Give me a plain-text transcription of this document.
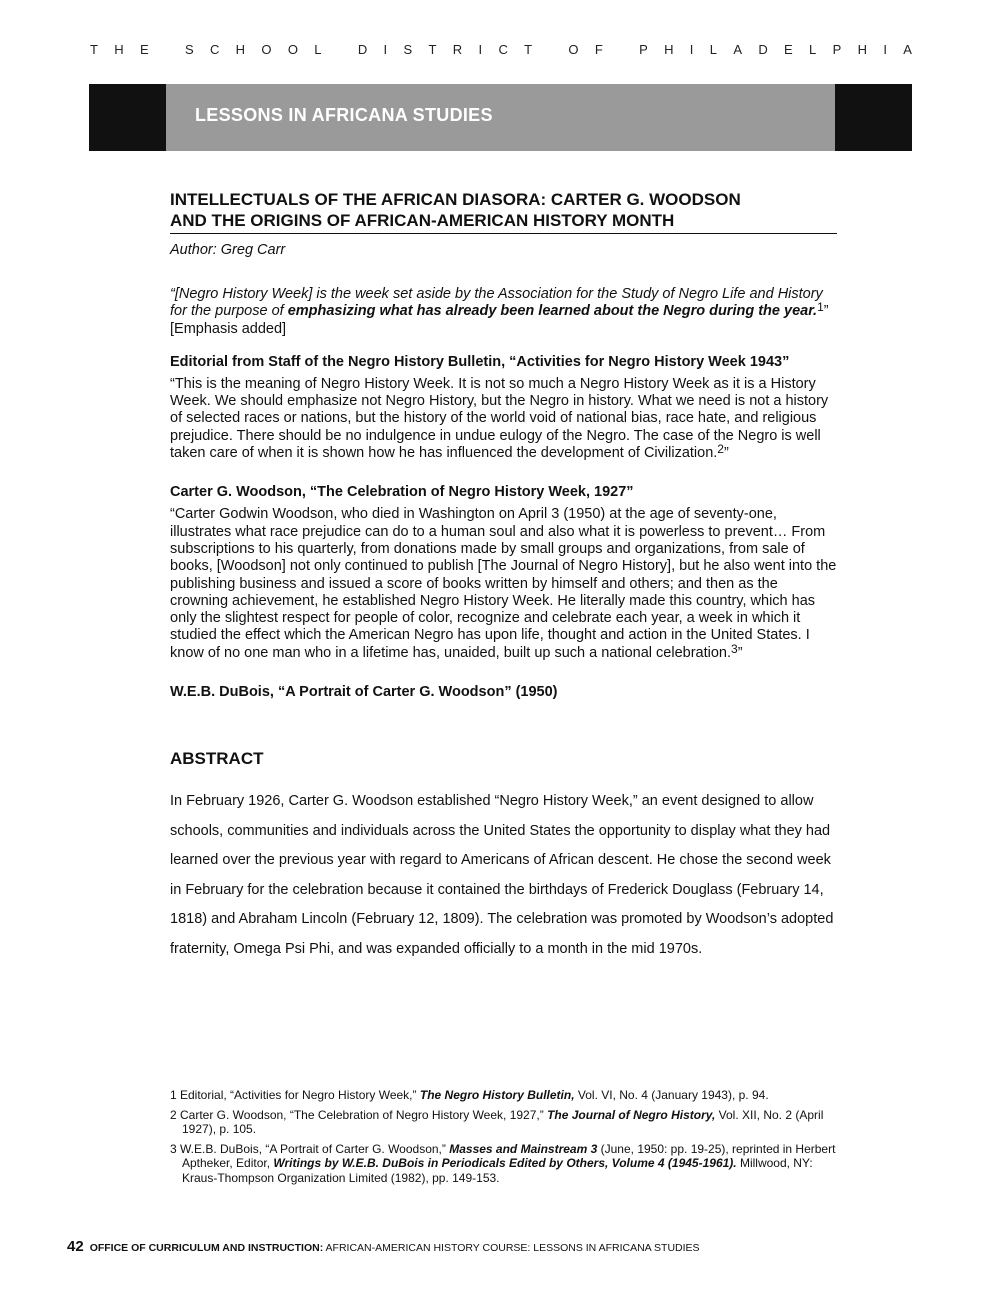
T H E
	S C H O O L
	D I S T R I C T
	O F
	P H I L A D E L P H I A
LESSONS IN AFRICANA STUDIES
INTELLECTUALS OF THE AFRICAN DIASORA: CARTER G. WOODSON
AND THE ORIGINS OF AFRICAN-AMERICAN HISTORY MONTH
Author: Greg Carr

“[Negro History Week] is the week set aside by the Association for the Study of Negro Life and History for the purpose of emphasizing what has already been learned about the Negro during the year.$^1$” [Emphasis added]

Editorial from Staff of the Negro History Bulletin, “Activities for Negro History Week 1943”

“This is the meaning of Negro History Week. It is not so much a Negro History Week as it is a History Week. We should emphasize not Negro History, but the Negro in history. What we need is not a history of selected races or nations, but the history of the world void of national bias, race hate, and religious prejudice. There should be no indulgence in undue eulogy of the Negro. The case of the Negro is well taken care of when it is shown how he has influenced the development of Civilization.$^2$”

Carter G. Woodson, “The Celebration of Negro History Week, 1927”

“Carter Godwin Woodson, who died in Washington on April 3 (1950) at the age of seventy-one, illustrates what race prejudice can do to a human soul and also what it is powerless to prevent… From subscriptions to his quarterly, from donations made by small groups and organizations, from sale of books, [Woodson] not only continued to publish [The Journal of Negro History], but he also went into the publishing business and issued a score of books written by himself and others; and then as the crowning achievement, he established Negro History Week. He literally made this country, which has only the slightest respect for people of color, recognize and celebrate each year, a week in which it studied the effect which the American Negro has upon life, thought and action in the United States. I know of no one man who in a lifetime has, unaided, built up such a national celebration.$^3$”

W.E.B. DuBois, “A Portrait of Carter G. Woodson” (1950)
ABSTRACT

In February 1926, Carter G. Woodson established “Negro History Week,” an event designed to allow schools, communities and individuals across the United States the opportunity to display what they had learned over the previous year with regard to Americans of African descent. He chose the second week in February for the celebration because it contained the birthdays of Frederick Douglass (February 14, 1818) and Abraham Lincoln (February 12, 1809). The celebration was promoted by Woodson’s adopted fraternity, Omega Psi Phi, and was expanded officially to a month in the mid 1970s.

1 Editorial, “Activities for Negro History Week,” The Negro History Bulletin, Vol. VI, No. 4 (January 1943), p. 94.
2 Carter G. Woodson, “The Celebration of Negro History Week, 1927,” The Journal of Negro History, Vol. XII, No. 2 (April 1927), p. 105.
3 W.E.B. DuBois, “A Portrait of Carter G. Woodson,” Masses and Mainstream 3 (June, 1950: pp. 19-25), reprinted in Herbert Aptheker, Editor, Writings by W.E.B. DuBois in Periodicals Edited by Others, Volume 4 (1945-1961). Millwood, NY: Kraus-Thompson Organization Limited (1982), pp. 149-153.
42 OFFICE OF CURRICULUM AND INSTRUCTION: AFRICAN-AMERICAN HISTORY COURSE: LESSONS IN AFRICANA STUDIES
